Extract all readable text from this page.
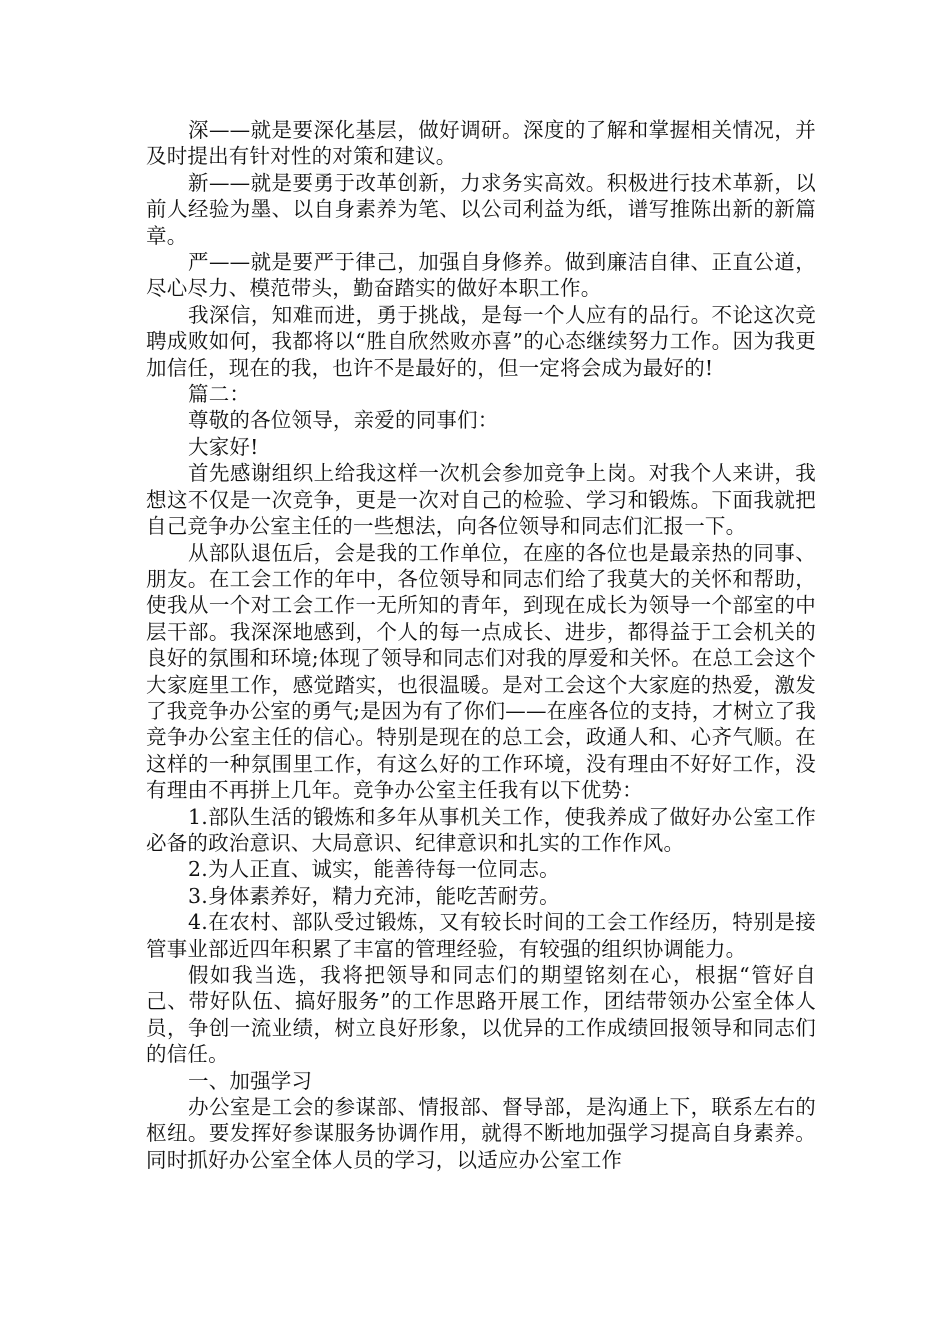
深——就是要深化基层，做好调研。深度的了解和掌握相关情况，并及时提出有针对性的对策和建议。

新——就是要勇于改革创新，力求务实高效。积极进行技术革新，以前人经验为墨、以自身素养为笔、以公司利益为纸，谱写推陈出新的新篇章。

严——就是要严于律己，加强自身修养。做到廉洁自律、正直公道，尽心尽力、模范带头，勤奋踏实的做好本职工作。

我深信，知难而进，勇于挑战，是每一个人应有的品行。不论这次竞聘成败如何，我都将以“胜自欣然败亦喜”的心态继续努力工作。因为我更加信任，现在的我，也许不是最好的，但一定将会成为最好的!

篇二：

尊敬的各位领导，亲爱的同事们：

大家好!

首先感谢组织上给我这样一次机会参加竞争上岗。对我个人来讲，我想这不仅是一次竞争，更是一次对自己的检验、学习和锻炼。下面我就把自己竞争办公室主任的一些想法，向各位领导和同志们汇报一下。

从部队退伍后，会是我的工作单位，在座的各位也是最亲热的同事、朋友。在工会工作的年中，各位领导和同志们给了我莫大的关怀和帮助，使我从一个对工会工作一无所知的青年，到现在成长为领导一个部室的中层干部。我深深地感到，个人的每一点成长、进步，都得益于工会机关的良好的氛围和环境;体现了领导和同志们对我的厚爱和关怀。在总工会这个大家庭里工作，感觉踏实，也很温暖。是对工会这个大家庭的热爱，激发了我竞争办公室的勇气;是因为有了你们——在座各位的支持，才树立了我竞争办公室主任的信心。特别是现在的总工会，政通人和、心齐气顺。在这样的一种氛围里工作，有这么好的工作环境，没有理由不好好工作，没有理由不再拼上几年。竞争办公室主任我有以下优势：

1.部队生活的锻炼和多年从事机关工作，使我养成了做好办公室工作必备的政治意识、大局意识、纪律意识和扎实的工作作风。

2.为人正直、诚实，能善待每一位同志。

3.身体素养好，精力充沛，能吃苦耐劳。

4.在农村、部队受过锻炼，又有较长时间的工会工作经历，特别是接管事业部近四年积累了丰富的管理经验，有较强的组织协调能力。

假如我当选，我将把领导和同志们的期望铭刻在心，根据“管好自己、带好队伍、搞好服务”的工作思路开展工作，团结带领办公室全体人员，争创一流业绩，树立良好形象，以优异的工作成绩回报领导和同志们的信任。

一、加强学习

办公室是工会的参谋部、情报部、督导部，是沟通上下，联系左右的枢纽。要发挥好参谋服务协调作用，就得不断地加强学习提高自身素养。同时抓好办公室全体人员的学习，以适应办公室工作
